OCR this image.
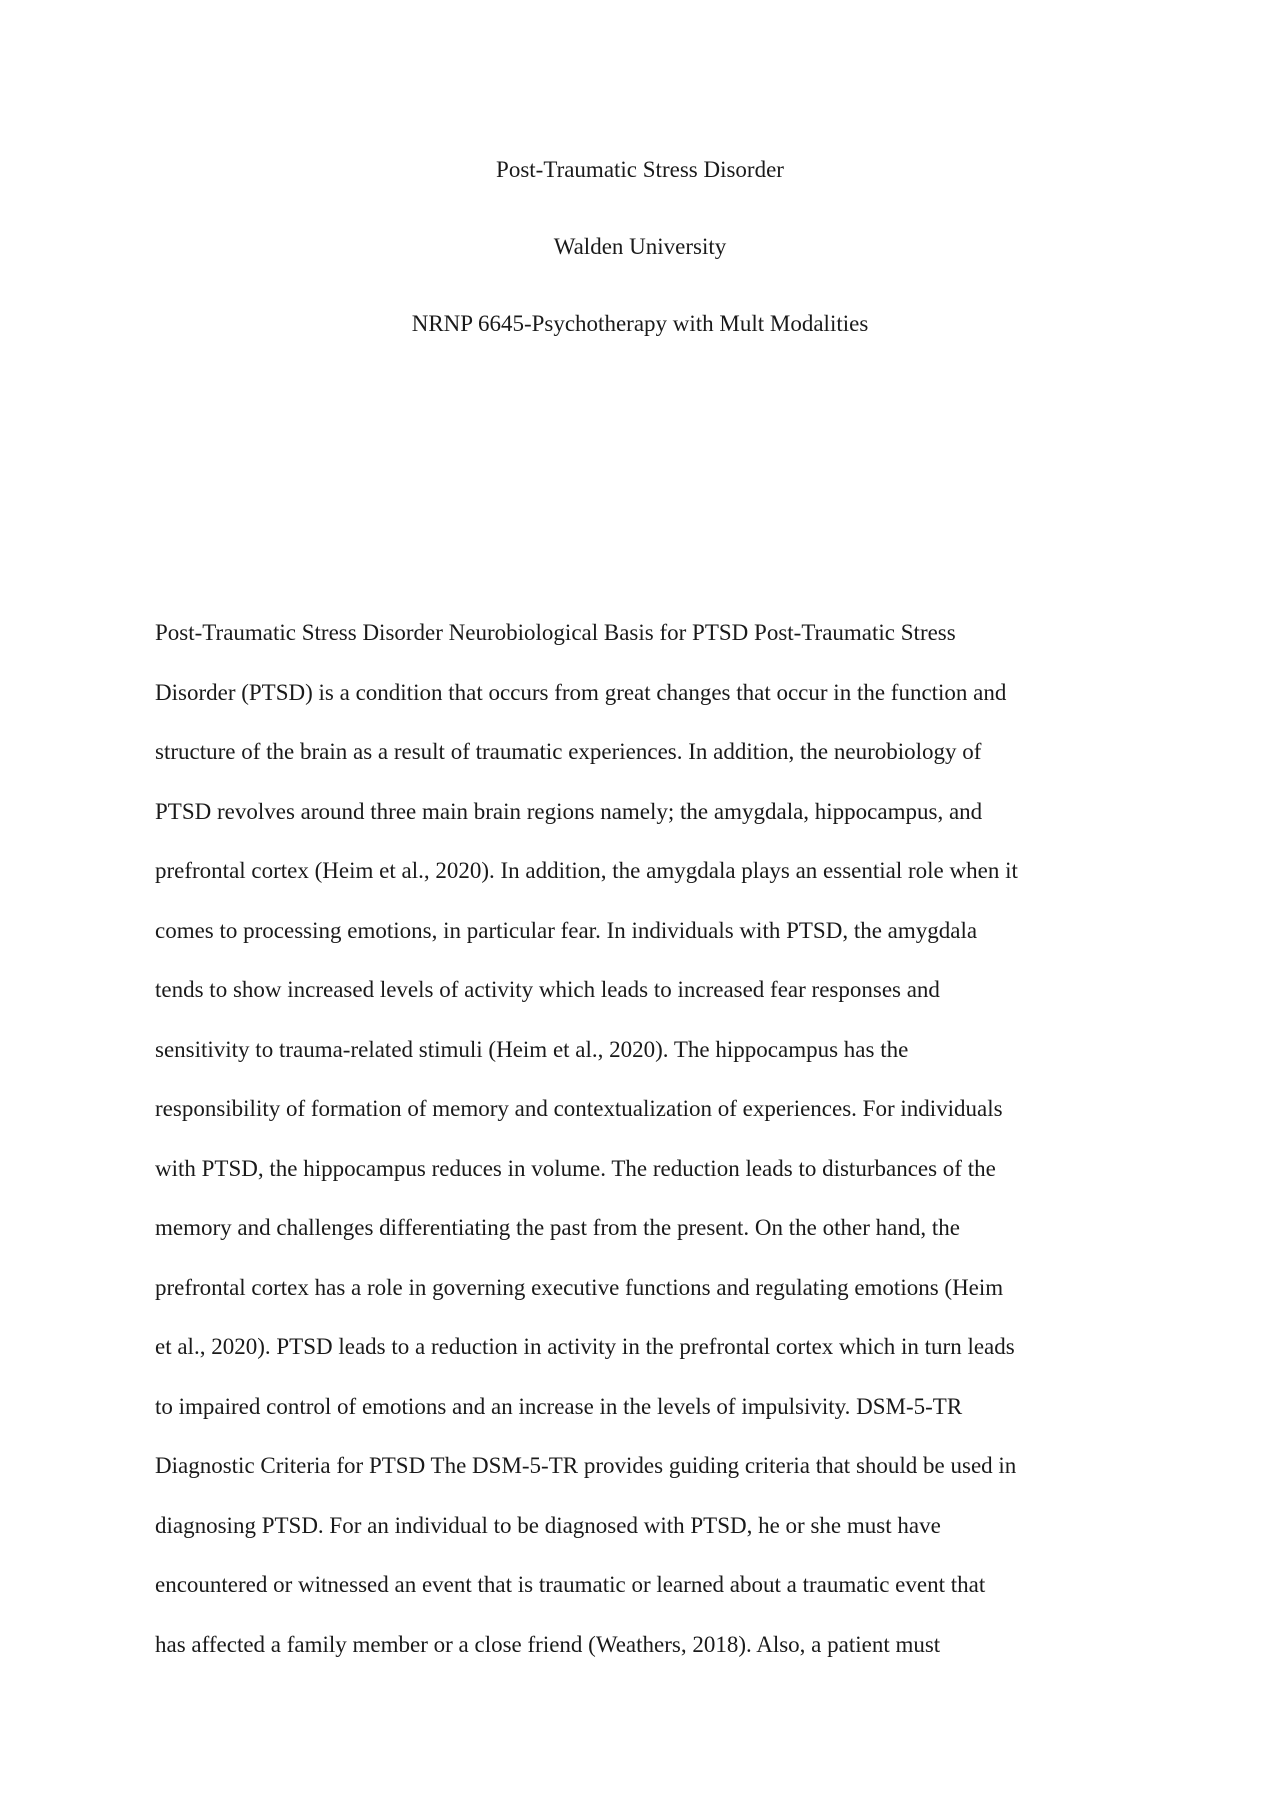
Post-Traumatic Stress Disorder
Walden University
NRNP 6645-Psychotherapy with Mult Modalities
Post-Traumatic Stress Disorder Neurobiological Basis for PTSD Post-Traumatic Stress
Disorder (PTSD) is a condition that occurs from great changes that occur in the function and
structure of the brain as a result of traumatic experiences. In addition, the neurobiology of
PTSD revolves around three main brain regions namely; the amygdala, hippocampus, and
prefrontal cortex (Heim et al., 2020). In addition, the amygdala plays an essential role when it
comes to processing emotions, in particular fear. In individuals with PTSD, the amygdala
tends to show increased levels of activity which leads to increased fear responses and
sensitivity to trauma-related stimuli (Heim et al., 2020). The hippocampus has the
responsibility of formation of memory and contextualization of experiences. For individuals
with PTSD, the hippocampus reduces in volume. The reduction leads to disturbances of the
memory and challenges differentiating the past from the present. On the other hand, the
prefrontal cortex has a role in governing executive functions and regulating emotions (Heim
et al., 2020). PTSD leads to a reduction in activity in the prefrontal cortex which in turn leads
to impaired control of emotions and an increase in the levels of impulsivity. DSM-5-TR
Diagnostic Criteria for PTSD The DSM-5-TR provides guiding criteria that should be used in
diagnosing PTSD. For an individual to be diagnosed with PTSD, he or she must have
encountered or witnessed an event that is traumatic or learned about a traumatic event that
has affected a family member or a close friend (Weathers, 2018). Also, a patient must
